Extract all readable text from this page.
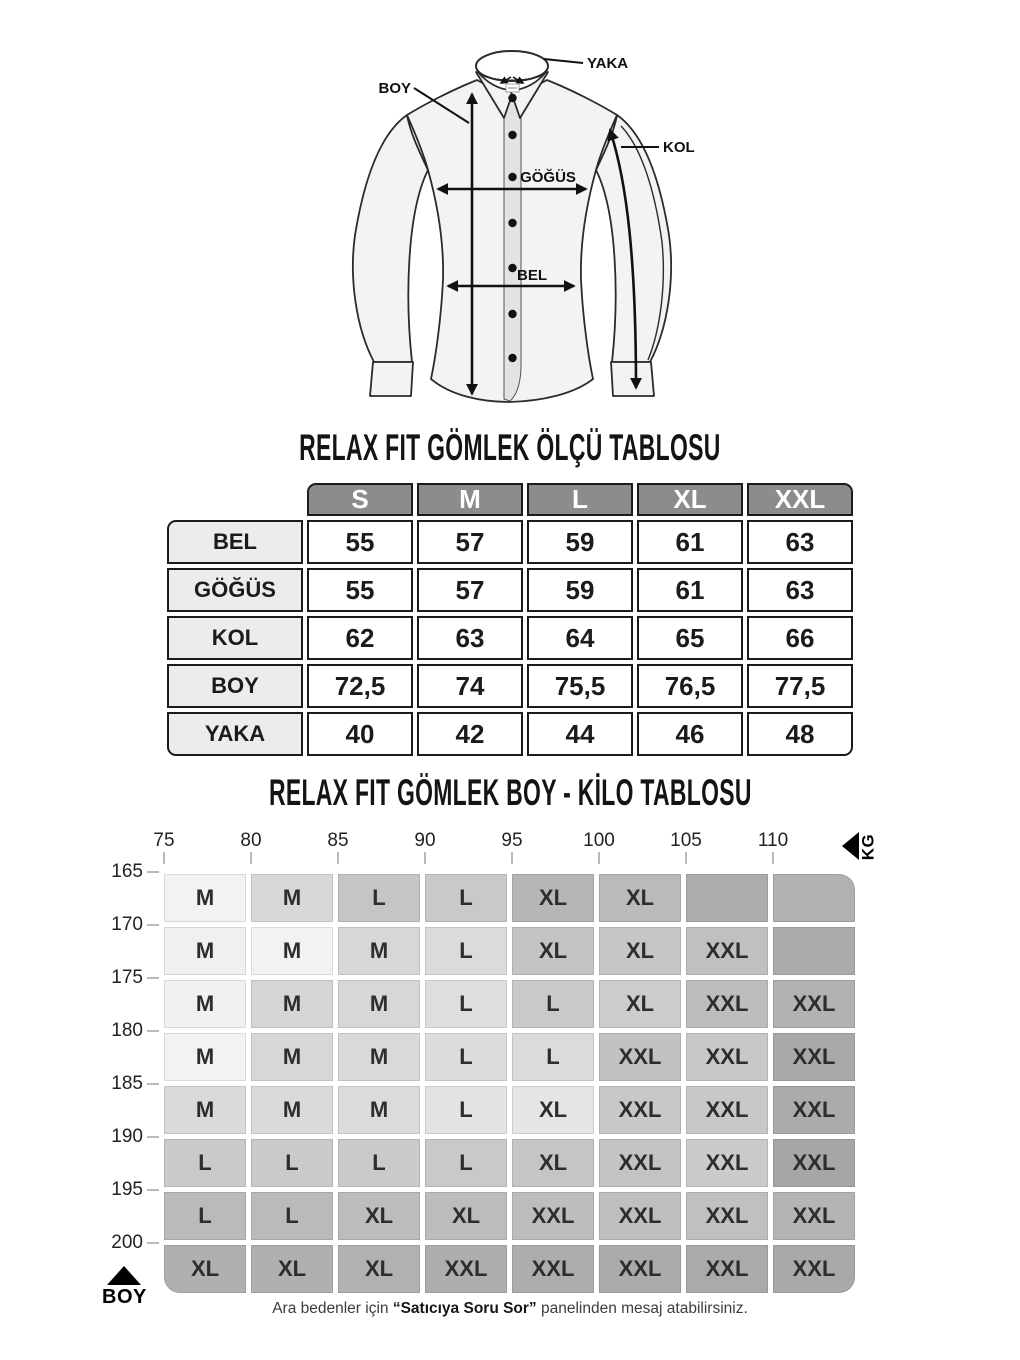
YAKA
BOY
KOL
GÖĞÜS
BEL
RELAX FIT GÖMLEK ÖLÇÜ TABLOSU
S	M	L	XL	XXL
BEL	55	57	59	61	63
GÖĞÜS	55	57	59	61	63
KOL	62	63	64	65	66
BOY	72,5	74	75,5	76,5	77,5
YAKA	40	42	44	46	48
RELAX FIT GÖMLEK BOY - KİLO TABLOSU
KG
75	80	85	90	95	100	105	110
165
170
175
180
185
190
195
200
M	M	L	L	XL	XL
M	M	M	L	XL	XL	XXL
M	M	M	L	L	XL	XXL	XXL
M	M	M	L	L	XXL	XXL	XXL
M	M	M	L	XL	XXL	XXL	XXL
L	L	L	L	XL	XXL	XXL	XXL
L	L	XL	XL	XXL	XXL	XXL	XXL
XL	XL	XL	XXL	XXL	XXL	XXL	XXL
BOY

Ara bedenler için “Satıcıya Soru Sor” panelinden mesaj atabilirsiniz.
